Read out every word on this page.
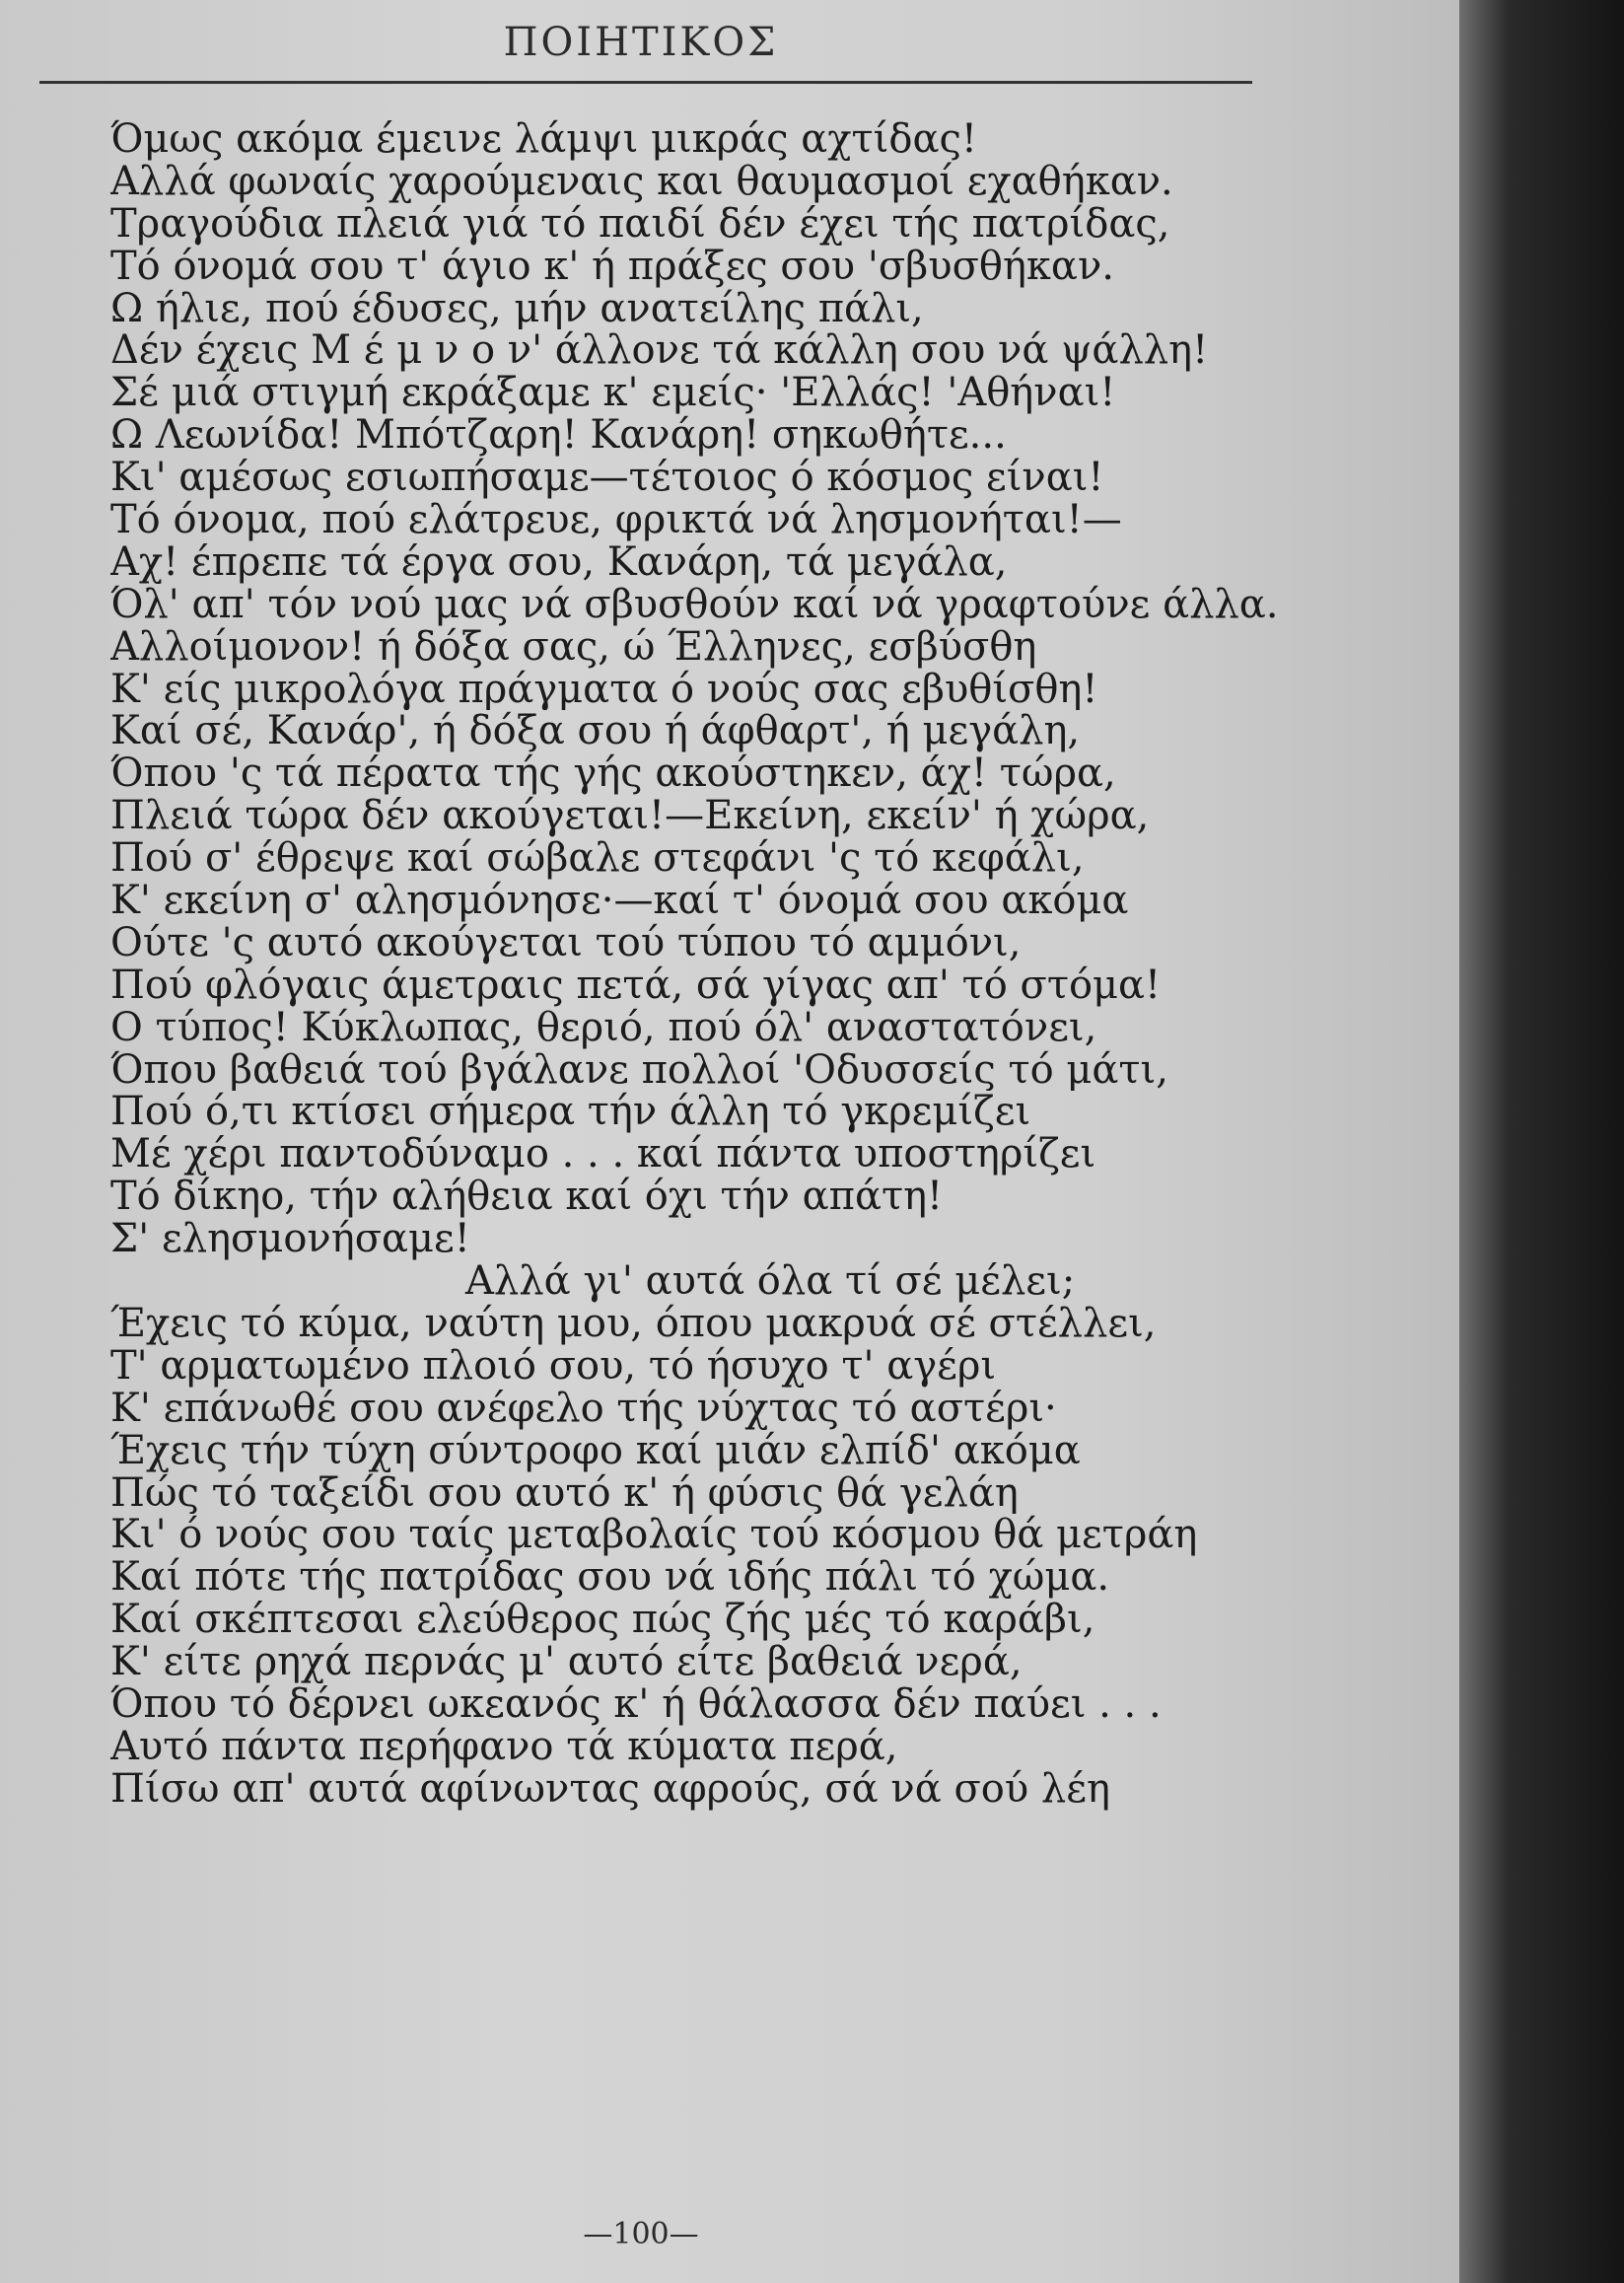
ΠΟΙΗΤΙΚΟΣ
Όμως ακόμα έμεινε λάμψι μικράς αχτίδας!
Αλλά φωναίς χαρούμεναις και θαυμασμοί εχαθήκαν.
Τραγούδια πλειά γιά τό παιδί δέν έχει τής πατρίδας,
Τό όνομά σου τ' άγιο κ' ή πράξες σου 'σβυσθήκαν.
Ω ήλιε, πού έδυσες, μήν ανατείλης πάλι,
Δέν έχεις Μ έ μ ν ο ν' άλλονε τά κάλλη σου νά ψάλλη!
Σέ μιά στιγμή εκράξαμε κ' εμείς· 'Ελλάς! 'Αθήναι!
Ω Λεωνίδα! Μπότζαρη! Κανάρη! σηκωθήτε...
Κι' αμέσως εσιωπήσαμε—τέτοιος ό κόσμος είναι!
Τό όνομα, πού ελάτρευε, φρικτά νά λησμονήται!—
Αχ! έπρεπε τά έργα σου, Κανάρη, τά μεγάλα,
Όλ' απ' τόν νού μας νά σβυσθούν καί νά γραφτούνε άλλα.
Αλλοίμονον! ή δόξα σας, ώ Έλληνες, εσβύσθη
Κ' είς μικρολόγα πράγματα ό νούς σας εβυθίσθη!
Καί σέ, Κανάρ', ή δόξα σου ή άφθαρτ', ή μεγάλη,
Όπου 'ς τά πέρατα τής γής ακούστηκεν, άχ! τώρα,
Πλειά τώρα δέν ακούγεται!—Εκείνη, εκείν' ή χώρα,
Πού σ' έθρεψε καί σώβαλε στεφάνι 'ς τό κεφάλι,
Κ' εκείνη σ' αλησμόνησε·—καί τ' όνομά σου ακόμα
Ούτε 'ς αυτό ακούγεται τού τύπου τό αμμόνι,
Πού φλόγαις άμετραις πετά, σά γίγας απ' τό στόμα!
Ο τύπος! Κύκλωπας, θεριό, πού όλ' αναστατόνει,
Όπου βαθειά τού βγάλανε πολλοί 'Οδυσσείς τό μάτι,
Πού ό,τι κτίσει σήμερα τήν άλλη τό γκρεμίζει
Μέ χέρι παντοδύναμο . . . καί πάντα υποστηρίζει
Τό δίκηο, τήν αλήθεια καί όχι τήν απάτη!
Σ' ελησμονήσαμε!
Αλλά γι' αυτά όλα τί σέ μέλει;
Έχεις τό κύμα, ναύτη μου, όπου μακρυά σέ στέλλει,
Τ' αρματωμένο πλοιό σου, τό ήσυχο τ' αγέρι
Κ' επάνωθέ σου ανέφελο τής νύχτας τό αστέρι·
Έχεις τήν τύχη σύντροφο καί μιάν ελπίδ' ακόμα
Πώς τό ταξείδι σου αυτό κ' ή φύσις θά γελάη
Κι' ό νούς σου ταίς μεταβολαίς τού κόσμου θά μετράη
Καί πότε τής πατρίδας σου νά ιδής πάλι τό χώμα.
Καί σκέπτεσαι ελεύθερος πώς ζής μές τό καράβι,
Κ' είτε ρηχά περνάς μ' αυτό είτε βαθειά νερά,
Όπου τό δέρνει ωκεανός κ' ή θάλασσα δέν παύει . . .
Αυτό πάντα περήφανο τά κύματα περά,
Πίσω απ' αυτά αφίνωντας αφρούς, σά νά σού λέη
—100—
